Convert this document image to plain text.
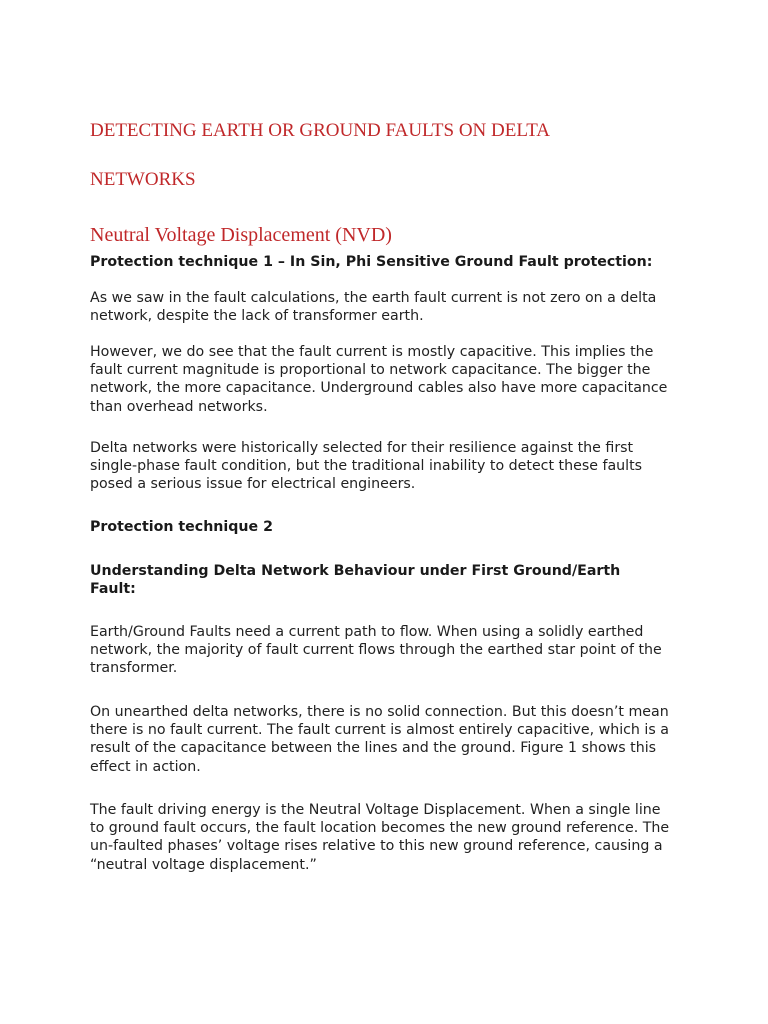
DETECTING EARTH OR GROUND FAULTS ON DELTA
NETWORKS
Neutral Voltage Displacement (NVD)

Protection technique 1 – In Sin, Phi Sensitive Ground Fault protection:

As we saw in the fault calculations, the earth fault current is not zero on a delta network, despite the lack of transformer earth.

However, we do see that the fault current is mostly capacitive. This implies the fault current magnitude is proportional to network capacitance. The bigger the network, the more capacitance. Underground cables also have more capacitance than overhead networks.

Delta networks were historically selected for their resilience against the first single-phase fault condition, but the traditional inability to detect these faults posed a serious issue for electrical engineers.

Protection technique 2

Understanding Delta Network Behaviour under First Ground/Earth Fault:

Earth/Ground Faults need a current path to flow. When using a solidly earthed network, the majority of fault current flows through the earthed star point of the transformer.

On unearthed delta networks, there is no solid connection. But this doesn’t mean there is no fault current. The fault current is almost entirely capacitive, which is a result of the capacitance between the lines and the ground. Figure 1 shows this effect in action.

The fault driving energy is the Neutral Voltage Displacement. When a single line to ground fault occurs, the fault location becomes the new ground reference. The un-faulted phases’ voltage rises relative to this new ground reference, causing a “neutral voltage displacement.”
